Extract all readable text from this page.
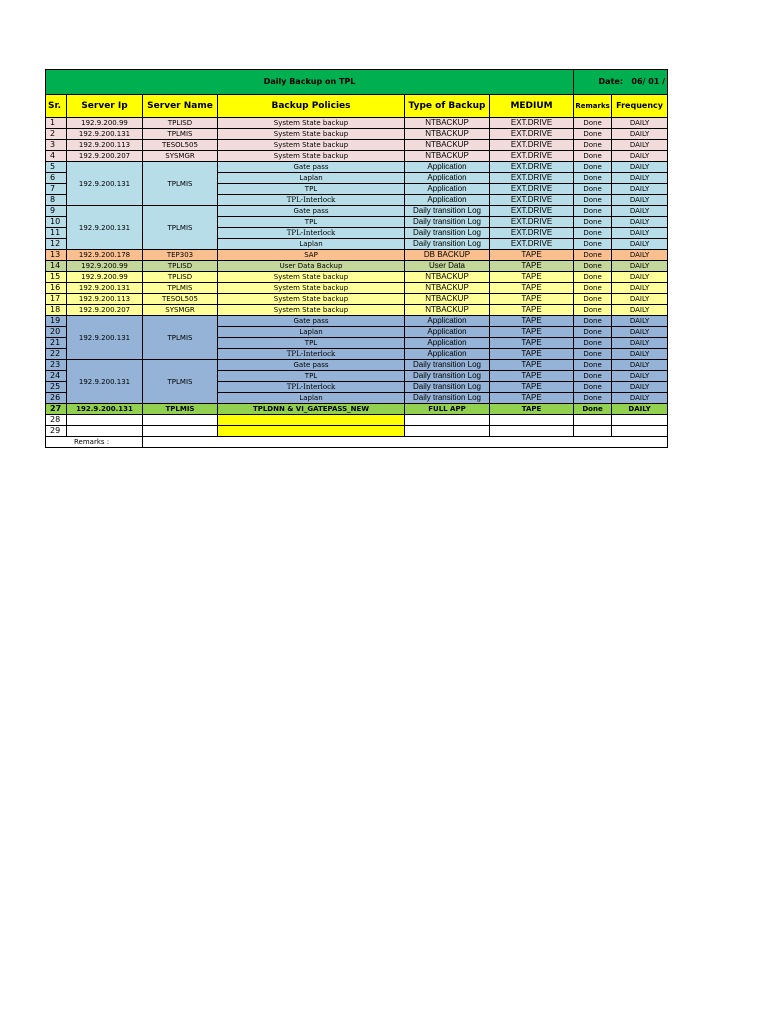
Daily Backup on TPL						Date: 06/ 01 /	
Sr.	Server Ip	Server Name	Backup Policies	Type of Backup	MEDIUM	Remarks	Frequency
1	192.9.200.99	TPLISD	System State backup	NTBACKUP	EXT.DRIVE	Done	DAILY
2	192.9.200.131	TPLMIS	System State backup	NTBACKUP	EXT.DRIVE	Done	DAILY
3	192.9.200.113	TESOL505	System State backup	NTBACKUP	EXT.DRIVE	Done	DAILY
4	192.9.200.207	SYSMGR	System State backup	NTBACKUP	EXT.DRIVE	Done	DAILY
5	192.9.200.131	TPLMIS	Gate pass	Application	EXT.DRIVE	Done	DAILY
6			Laplan	Application	EXT.DRIVE	Done	DAILY
7			TPL	Application	EXT.DRIVE	Done	DAILY
8			TPL-Interlock	Application	EXT.DRIVE	Done	DAILY
9	192.9.200.131	TPLMIS	Gate pass	Daily transition Log	EXT.DRIVE	Done	DAILY
10			TPL	Daily transition Log	EXT.DRIVE	Done	DAILY
11			TPL-Interlock	Daily transition Log	EXT.DRIVE	Done	DAILY
12			Laplan	Daily transition Log	EXT.DRIVE	Done	DAILY
13	192.9.200.178	TEP303	SAP	DB BACKUP	TAPE	Done	DAILY
14	192.9.200.99	TPLISD	User Data Backup	User Data	TAPE	Done	DAILY
15	192.9.200.99	TPLISD	System State backup	NTBACKUP	TAPE	Done	DAILY
16	192.9.200.131	TPLMIS	System State backup	NTBACKUP	TAPE	Done	DAILY
17	192.9.200.113	TESOL505	System State backup	NTBACKUP	TAPE	Done	DAILY
18	192.9.200.207	SYSMGR	System State backup	NTBACKUP	TAPE	Done	DAILY
19	192.9.200.131	TPLMIS	Gate pass	Application	TAPE	Done	DAILY
20			Laplan	Application	TAPE	Done	DAILY
21			TPL	Application	TAPE	Done	DAILY
22			TPL-Interlock	Application	TAPE	Done	DAILY
23	192.9.200.131	TPLMIS	Gate pass	Daily transition Log	TAPE	Done	DAILY
24			TPL	Daily transition Log	TAPE	Done	DAILY
25			TPL-Interlock	Daily transition Log	TAPE	Done	DAILY
26			Laplan	Daily transition Log	TAPE	Done	DAILY
27	192.9.200.131	TPLMIS	TPLDNN & VI_GATEPASS_NEW	FULL APP	TAPE	Done	DAILY
28							
29							
Remarks :							
